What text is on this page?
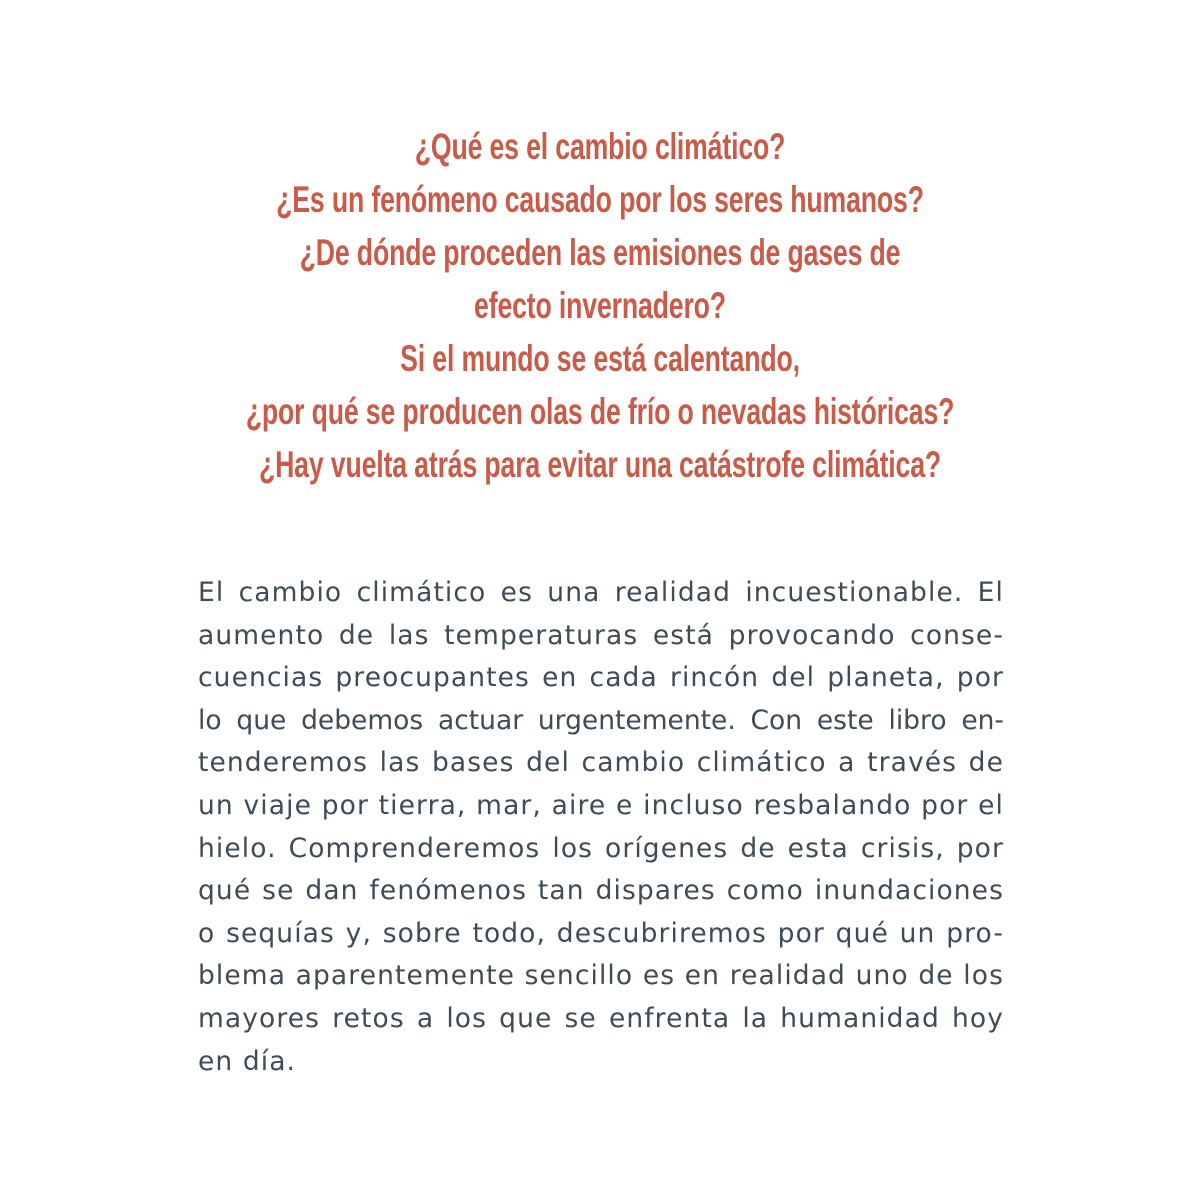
¿Qué es el cambio climático?
¿Es un fenómeno causado por los seres humanos?
¿De dónde proceden las emisiones de gases de
efecto invernadero?
Si el mundo se está calentando,
¿por qué se producen olas de frío o nevadas históricas?
¿Hay vuelta atrás para evitar una catástrofe climática?

El cambio climático es una realidad incuestionable. El
aumento de las temperaturas está provocando conse-
cuencias preocupantes en cada rincón del planeta, por
lo que debemos actuar urgentemente. Con este libro en-
tenderemos las bases del cambio climático a través de
un viaje por tierra, mar, aire e incluso resbalando por el
hielo. Comprenderemos los orígenes de esta crisis, por
qué se dan fenómenos tan dispares como inundaciones
o sequías y, sobre todo, descubriremos por qué un pro-
blema aparentemente sencillo es en realidad uno de los
mayores retos a los que se enfrenta la humanidad hoy
en día.
